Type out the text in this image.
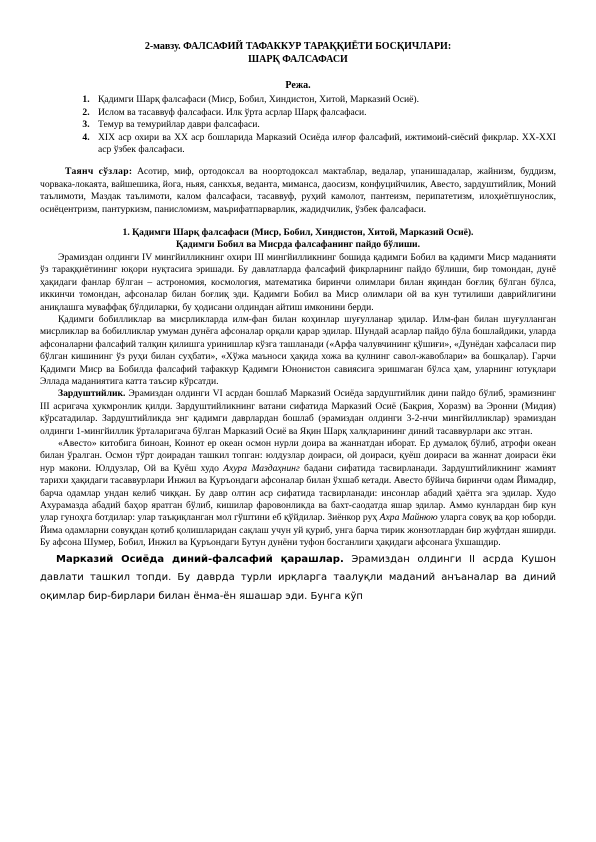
2-мавзу. ФАЛСАФИЙ ТАФАККУР ТАРАҚҚИЁТИ БОСҚИЧЛАРИ:
ШАРҚ ФАЛСАФАСИ
Режа.
1. Қадимги Шарқ фалсафаси (Миср, Бобил, Хиндистон, Хитой, Марказий Осиё).
2. Ислом ва тасаввуф фалсафаси. Илк ўрта асрлар Шарқ фалсафаси.
3. Темур ва темурийлар даври фалсафаси.
4. XIX аср охири ва XX аср бошларида Марказий Осиёда илғор фалсафий, ижтимоий-сиёсий фикрлар. XX-XXI аср ўзбек фалсафаси.

Таянч сўзлар: Асотир, миф, ортодоксал ва ноортодоксал мактаблар, ведалар, упанишадалар, жайнизм, буддизм, чорвака-локаята, вайшешика, йога, ньяя, санкхья, веданта, миманса, даосизм, конфуцийчилик, Авесто, зардуштийлик, Моний таълимоти, Маздак таълимоти, калом фалсафаси, тасаввуф, руҳий камолот, пантеизм, перипатетизм, илоҳиётшунослик, осиёцентризм, пантуркизм, панисломизм, маърифатпарварлик, жадидчилик, ўзбек фалсафаси.

1. Қадимги Шарқ фалсафаси (Миср, Бобил, Хиндистон, Хитой, Марказий Осиё).

Қадимги Бобил ва Мисрда фалсафанинг пайдо бўлиши.

Эрамиздан олдинги IV мингйилликнинг охири III мингйилликнинг бошида қадимги Бобил ва қадимги Миср маданияти ўз тараққиётининг юқори нуқтасига эришади. Бу давлатларда фалсафий фикрларнинг пайдо бўлиши, бир томондан, дунё ҳақидаги фанлар бўлган – астрономия, космология, математика биринчи олимлари билан яқиндан боғлиқ бўлган бўлса, иккинчи томондан, афсоналар билан боғлиқ эди. Қадимги Бобил ва Миср олимлари ой ва кун тутилиши даврийлигини аниқлашга муваффақ бўлдиларки, бу ҳодисани олдиндан айтиш имконини берди.

Қадимги бобилликлар ва мисрликларда илм-фан билан коҳинлар шуғулланар эдилар. Илм-фан билан шуғулланган мисрликлар ва бобилликлар умуман дунёга афсоналар орқали қарар эдилар. Шундай асарлар пайдо бўла бошлайдики, уларда афсоналарни фалсафий талқин қилишга уринишлар кўзга ташланади («Арфа чалувчининг қўшиғи», «Дунёдан хафсаласи пир бўлган кишининг ўз руҳи билан суҳбати», «Хўжа маъноси ҳақида хожа ва қулнинг савол-жавоблари» ва бошқалар). Гарчи Қадимги Миср ва Бобилда фалсафий тафаккур Қадимги Юнонистон савиясига эришмаган бўлса ҳам, уларнинг ютуқлари Эллада маданиятига катта таъсир кўрсатди.

Зардуштийлик. Эрамиздан олдинги VI асрдан бошлаб Марказий Осиёда зардуштийлик дини пайдо бўлиб, эрамизнинг III асригача ҳукмронлик қилди. Зардуштийликнинг ватани сифатида Марказий Осиё (Бақрия, Хоразм) ва Эронни (Мидия) кўрсатадилар. Зардуштийликда энг қадимги даврлардан бошлаб (эрамиздан олдинги 3-2-нчи мингйилликлар) эрамиздан олдинги 1-мингйиллик ўрталаригача бўлган Марказий Осиё ва Яқин Шарқ халқларининг диний тасаввурлари акс этган.

«Авесто» китобига биноан, Коинот ер океан осмон нурли доира ва жаннатдан иборат. Ер думалоқ бўлиб, атрофи океан билан ўралган. Осмон тўрт доирадан ташкил топган: юлдузлар доираси, ой доираси, қуёш доираси ва жаннат доираси ёки нур макони. Юлдузлар, Ой ва Қуёш худо Ахура Маздаҳнинг бадани сифатида тасвирланади. Зардуштийликнинг жамият тарихи ҳақидаги тасаввурлари Инжил ва Қуръондаги афсоналар билан ўхшаб кетади. Авесто бўйича биринчи одам Йимадир, барча одамлар ундан келиб чиққан. Бу давр олтин аср сифатида тасвирланади: инсонлар абадий ҳаётга эга эдилар. Худо Ахурамазда абадий баҳор яратган бўлиб, кишилар фаровонликда ва бахт-саодатда яшар эдилар. Аммо кунлардан бир кун улар гуноҳга ботдилар: улар таъқиқланган мол гўштини еб қўйдилар. Зиёнкор руҳ Ахра Майнюю уларга совуқ ва қор юборди. Йима одамларни совуқдан қотиб қолишларидан сақлаш учун уй қуриб, унга барча тирик жонзотлардан бир жуфтдан яширди. Бу афсона Шумер, Бобил, Инжил ва Қуръондаги Бутун дунёни туфон босганлиги ҳақидаги афсонага ўхшашдир.

Марказий Осиёда диний-фалсафий қарашлар. Эрамиздан олдинги II асрда Кушон давлати ташкил топди. Бу даврда турли ирқларга таалуқли маданий анъаналар ва диний оқимлар бир-бирлари билан ёнма-ён яшашар эди. Бунга кўп
